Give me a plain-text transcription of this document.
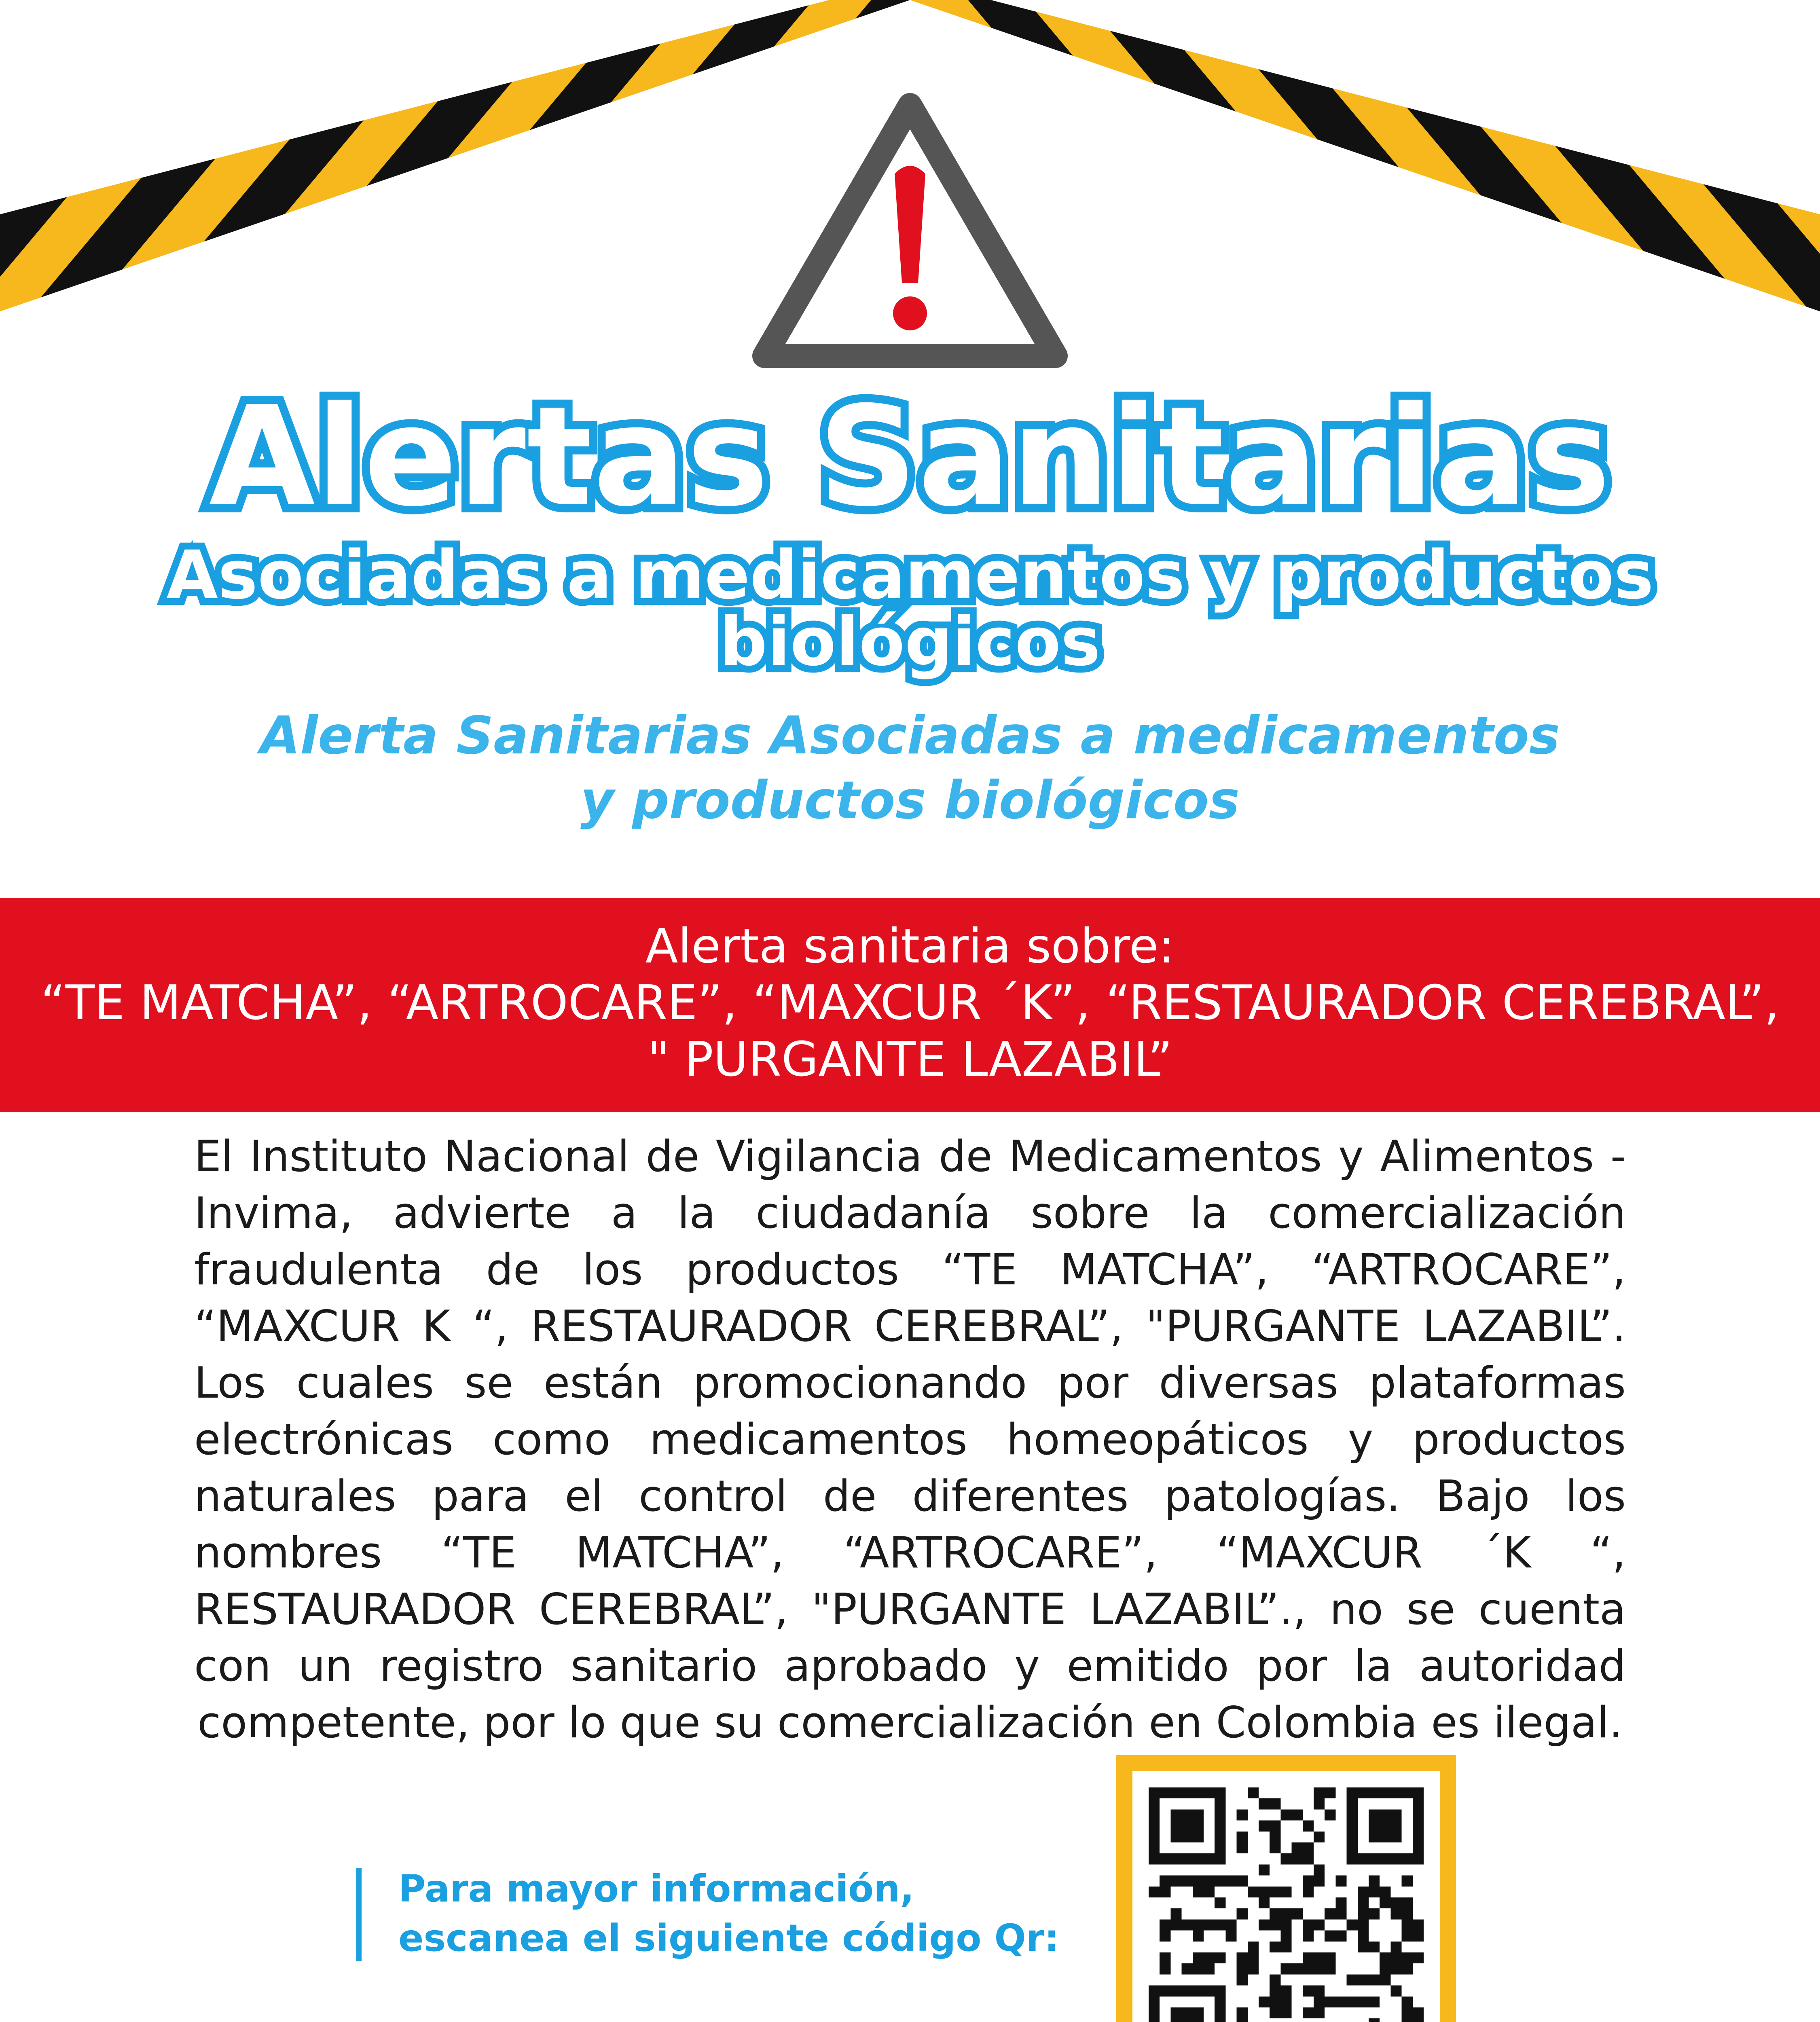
Alertas Sanitarias
Asociadas a medicamentos y productos biológicos
Alerta Sanitarias Asociadas a medicamentos
y productos biológicos
Alerta sanitaria sobre:
“TE MATCHA”, “ARTROCARE”, “MAXCUR ´K”, “RESTAURADOR CEREBRAL”,
" PURGANTE LAZABIL”
El Instituto Nacional de Vigilancia de Medicamentos y Alimentos - Invima, advierte a la ciudadanía sobre la comercialización fraudulenta de los productos “TE MATCHA”, “ARTROCARE”, “MAXCUR K “, RESTAURADOR CEREBRAL”, "PURGANTE LAZABIL”. Los cuales se están promocionando por diversas plataformas electrónicas como medicamentos homeopáticos y productos naturales para el control de diferentes patologías. Bajo los nombres “TE MATCHA”, “ARTROCARE”, “MAXCUR ´K “, RESTAURADOR CEREBRAL”, "PURGANTE LAZABIL”., no se cuenta con un registro sanitario aprobado y emitido por la autoridad competente, por lo que su comercialización en Colombia es ilegal.
Para mayor información,
escanea el siguiente código Qr:
